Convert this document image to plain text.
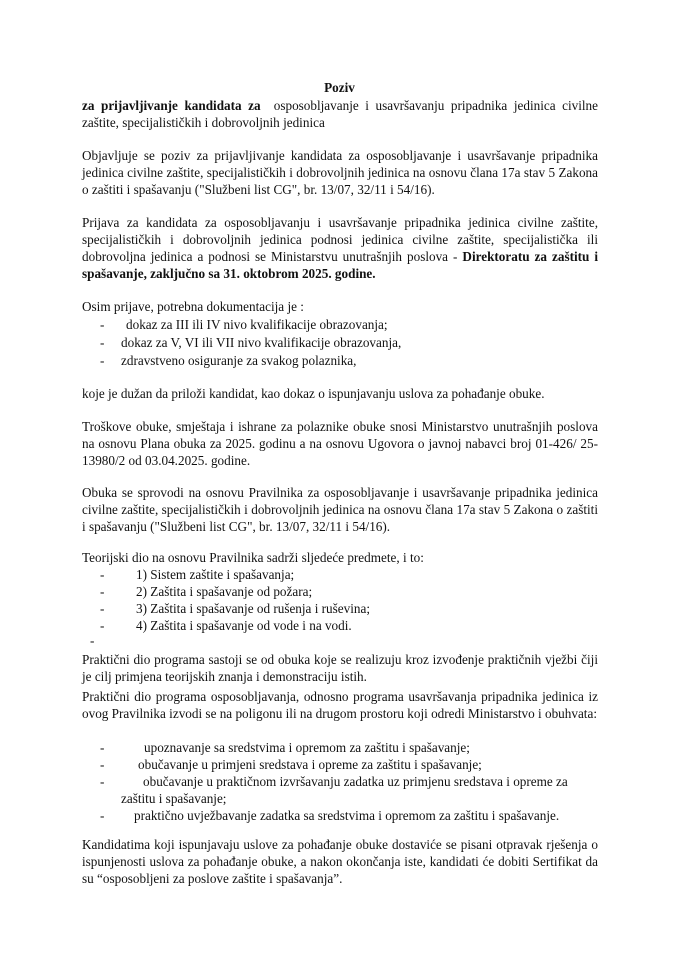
Poziv
za prijavljivanje kandidata za osposobljavanje i usavršavanju pripadnika jedinica civilne zaštite, specijalističkih i dobrovoljnih jedinica
Objavljuje se poziv za prijavljivanje kandidata za osposobljavanje i usavršavanje pripadnika jedinica civilne zaštite, specijalističkih i dobrovoljnih jedinica na osnovu člana 17a stav 5 Zakona o zaštiti i spašavanju ("Službeni list CG", br. 13/07, 32/11 i 54/16).
Prijava za kandidata za osposobljavanju i usavršavanje pripadnika jedinica civilne zaštite, specijalističkih i dobrovoljnih jedinica podnosi jedinica civilne zaštite, specijalistička ili dobrovoljna jedinica a podnosi se Ministarstvu unutrašnjih poslova - Direktoratu za zaštitu i spašavanje, zaključno sa 31. oktobrom 2025. godine.
Osim prijave, potrebna dokumentacija je :
- dokaz za III ili IV nivo kvalifikacije obrazovanja;
- dokaz za V, VI ili VII nivo kvalifikacije obrazovanja,
- zdravstveno osiguranje za svakog polaznika,
koje je dužan da priloži kandidat, kao dokaz o ispunjavanju uslova za pohađanje obuke.
Troškove obuke, smještaja i ishrane za polaznike obuke snosi Ministarstvo unutrašnjih poslova na osnovu Plana obuka za 2025. godinu a na osnovu Ugovora o javnoj nabavci broj 01-426/ 25-13980/2 od 03.04.2025. godine.
Obuka se sprovodi na osnovu Pravilnika za osposobljavanje i usavršavanje pripadnika jedinica civilne zaštite, specijalističkih i dobrovoljnih jedinica na osnovu člana 17a stav 5 Zakona o zaštiti i spašavanju ("Službeni list CG", br. 13/07, 32/11 i 54/16).
Teorijski dio na osnovu Pravilnika sadrži sljedeće predmete, i to:
- 1) Sistem zaštite i spašavanja;
- 2) Zaštita i spašavanje od požara;
- 3) Zaštita i spašavanje od rušenja i ruševina;
- 4) Zaštita i spašavanje od vode i na vodi.
-
Praktični dio programa sastoji se od obuka koje se realizuju kroz izvođenje praktičnih vježbi čiji je cilj primjena teorijskih znanja i demonstraciju istih.
Praktični dio programa osposobljavanja, odnosno programa usavršavanja pripadnika jedinica iz ovog Pravilnika izvodi se na poligonu ili na drugom prostoru koji odredi Ministarstvo i obuhvata:
-	upoznavanje sa sredstvima i opremom za zaštitu i spašavanje;
-	obučavanje u primjeni sredstava i opreme za zaštitu i spašavanje;
-	obučavanje u praktičnom izvršavanju zadatka uz primjenu sredstava i opreme za
zaštitu i spašavanje;
- praktično uvježbavanje zadatka sa sredstvima i opremom za zaštitu i spašavanje.
Kandidatima koji ispunjavaju uslove za pohađanje obuke dostaviće se pisani otpravak rješenja o ispunjenosti uslova za pohađanje obuke, a nakon okončanja iste, kandidati će dobiti Sertifikat da su “osposobljeni za poslove zaštite i spašavanja”.
